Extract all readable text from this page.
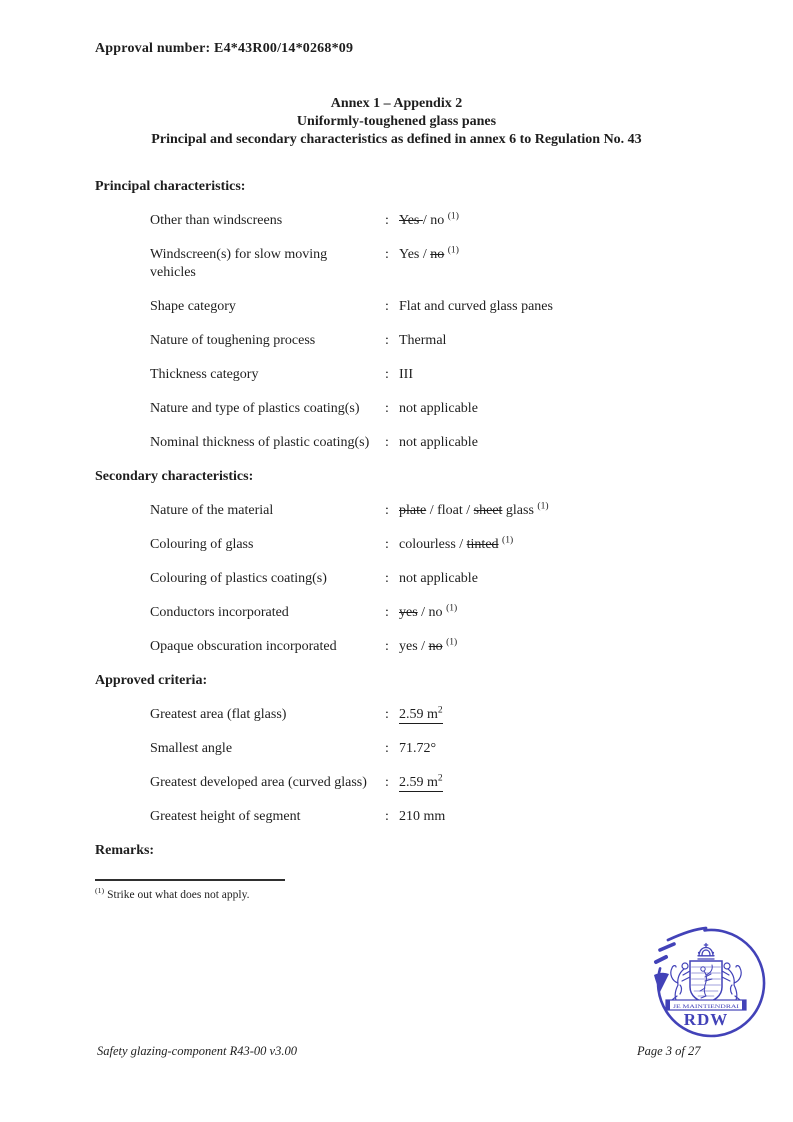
Approval number: E4*43R00/14*0268*09
Annex 1 – Appendix 2
Uniformly-toughened glass panes
Principal and secondary characteristics as defined in annex 6 to Regulation No. 43
Principal characteristics:
Other than windscreens	: Yes / no $^{(1)}$
Windscreen(s) for slow moving
vehicles
: Yes / no $^{(1)}$
Shape category	: Flat and curved glass panes
Nature of toughening process	: Thermal
Thickness category	: III
Nature and type of plastics coating(s)	: not applicable
Nominal thickness of plastic coating(s)	: not applicable
Secondary characteristics:
Nature of the material	: plate / float / sheet glass $^{(1)}$
Colouring of glass	: colourless / tinted $^{(1)}$
Colouring of plastics coating(s)	: not applicable
Conductors incorporated	: yes / no $^{(1)}$
Opaque obscuration incorporated	: yes / no $^{(1)}$
Approved criteria:
Greatest area (flat glass)	: 2.59 $m^2$
Smallest angle	: 71.72°
Greatest developed area (curved glass)	: 2.59 $m^2$
Greatest height of segment	: 210 mm
Remarks:
$^{(1)}$ Strike out what does not apply.
JE MAINTIENDRAI
RDW
Safety glazing-component R43-00 v3.00	Page 3 of 27
